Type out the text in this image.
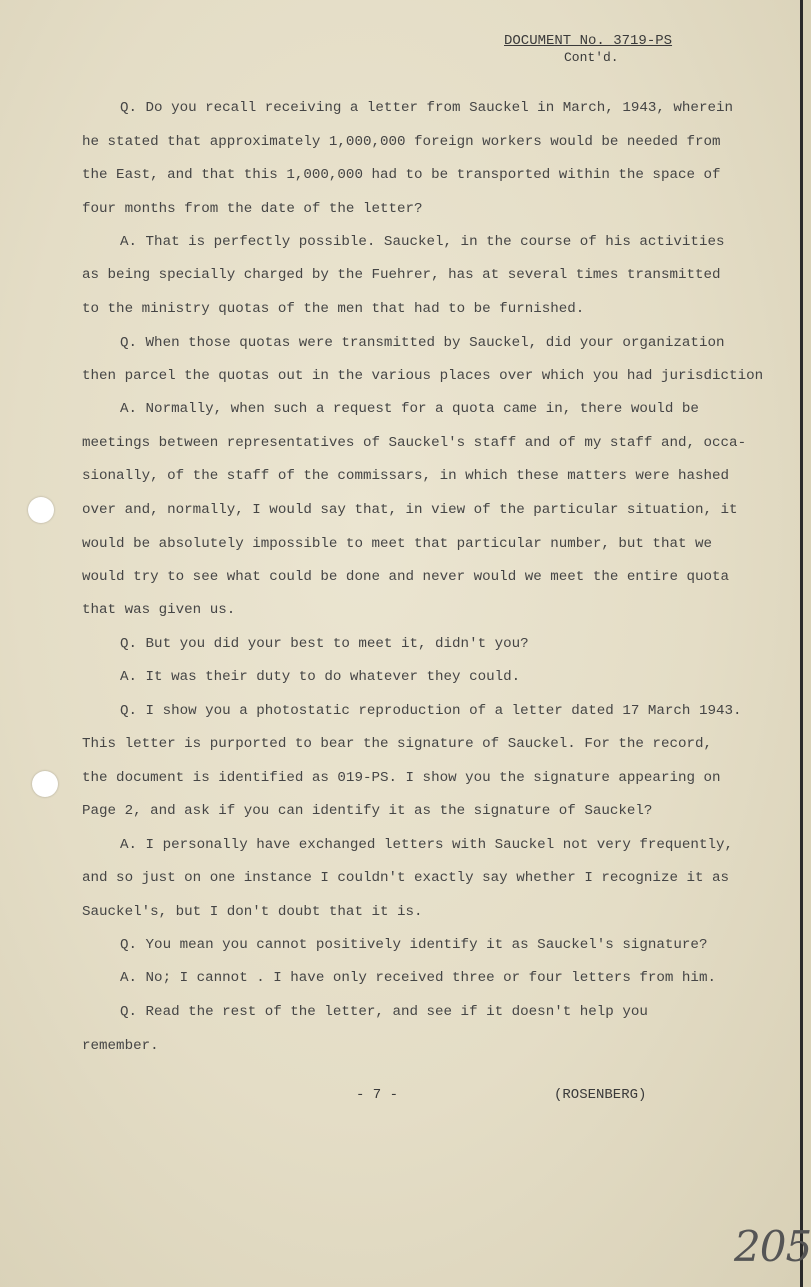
DOCUMENT No. 3719-PS
Cont'd.
Q. Do you recall receiving a letter from Sauckel in March, 1943, wherein
he stated that approximately 1,000,000 foreign workers would be needed from
the East, and that this 1,000,000 had to be transported within the space of
four months from the date of the letter?
A. That is perfectly possible. Sauckel, in the course of his activities
as being specially charged by the Fuehrer, has at several times transmitted
to the ministry quotas of the men that had to be furnished.
Q. When those quotas were transmitted by Sauckel, did your organization
then parcel the quotas out in the various places over which you had jurisdiction
A. Normally, when such a request for a quota came in, there would be
meetings between representatives of Sauckel's staff and of my staff and, occa-
sionally, of the staff of the commissars, in which these matters were hashed
over and, normally, I would say that, in view of the particular situation, it
would be absolutely impossible to meet that particular number, but that we
would try to see what could be done and never would we meet the entire quota
that was given us.
Q. But you did your best to meet it, didn't you?
A. It was their duty to do whatever they could.
Q. I show you a photostatic reproduction of a letter dated 17 March 1943.
This letter is purported to bear the signature of Sauckel. For the record,
the document is identified as 019-PS. I show you the signature appearing on
Page 2, and ask if you can identify it as the signature of Sauckel?
A. I personally have exchanged letters with Sauckel not very frequently,
and so just on one instance I couldn't exactly say whether I recognize it as
Sauckel's, but I don't doubt that it is.
Q. You mean you cannot positively identify it as Sauckel's signature?
A. No; I cannot . I have only received three or four letters from him.
Q. Read the rest of the letter, and see if it doesn't help you
remember.
- 7 -	(ROSENBERG)
205
